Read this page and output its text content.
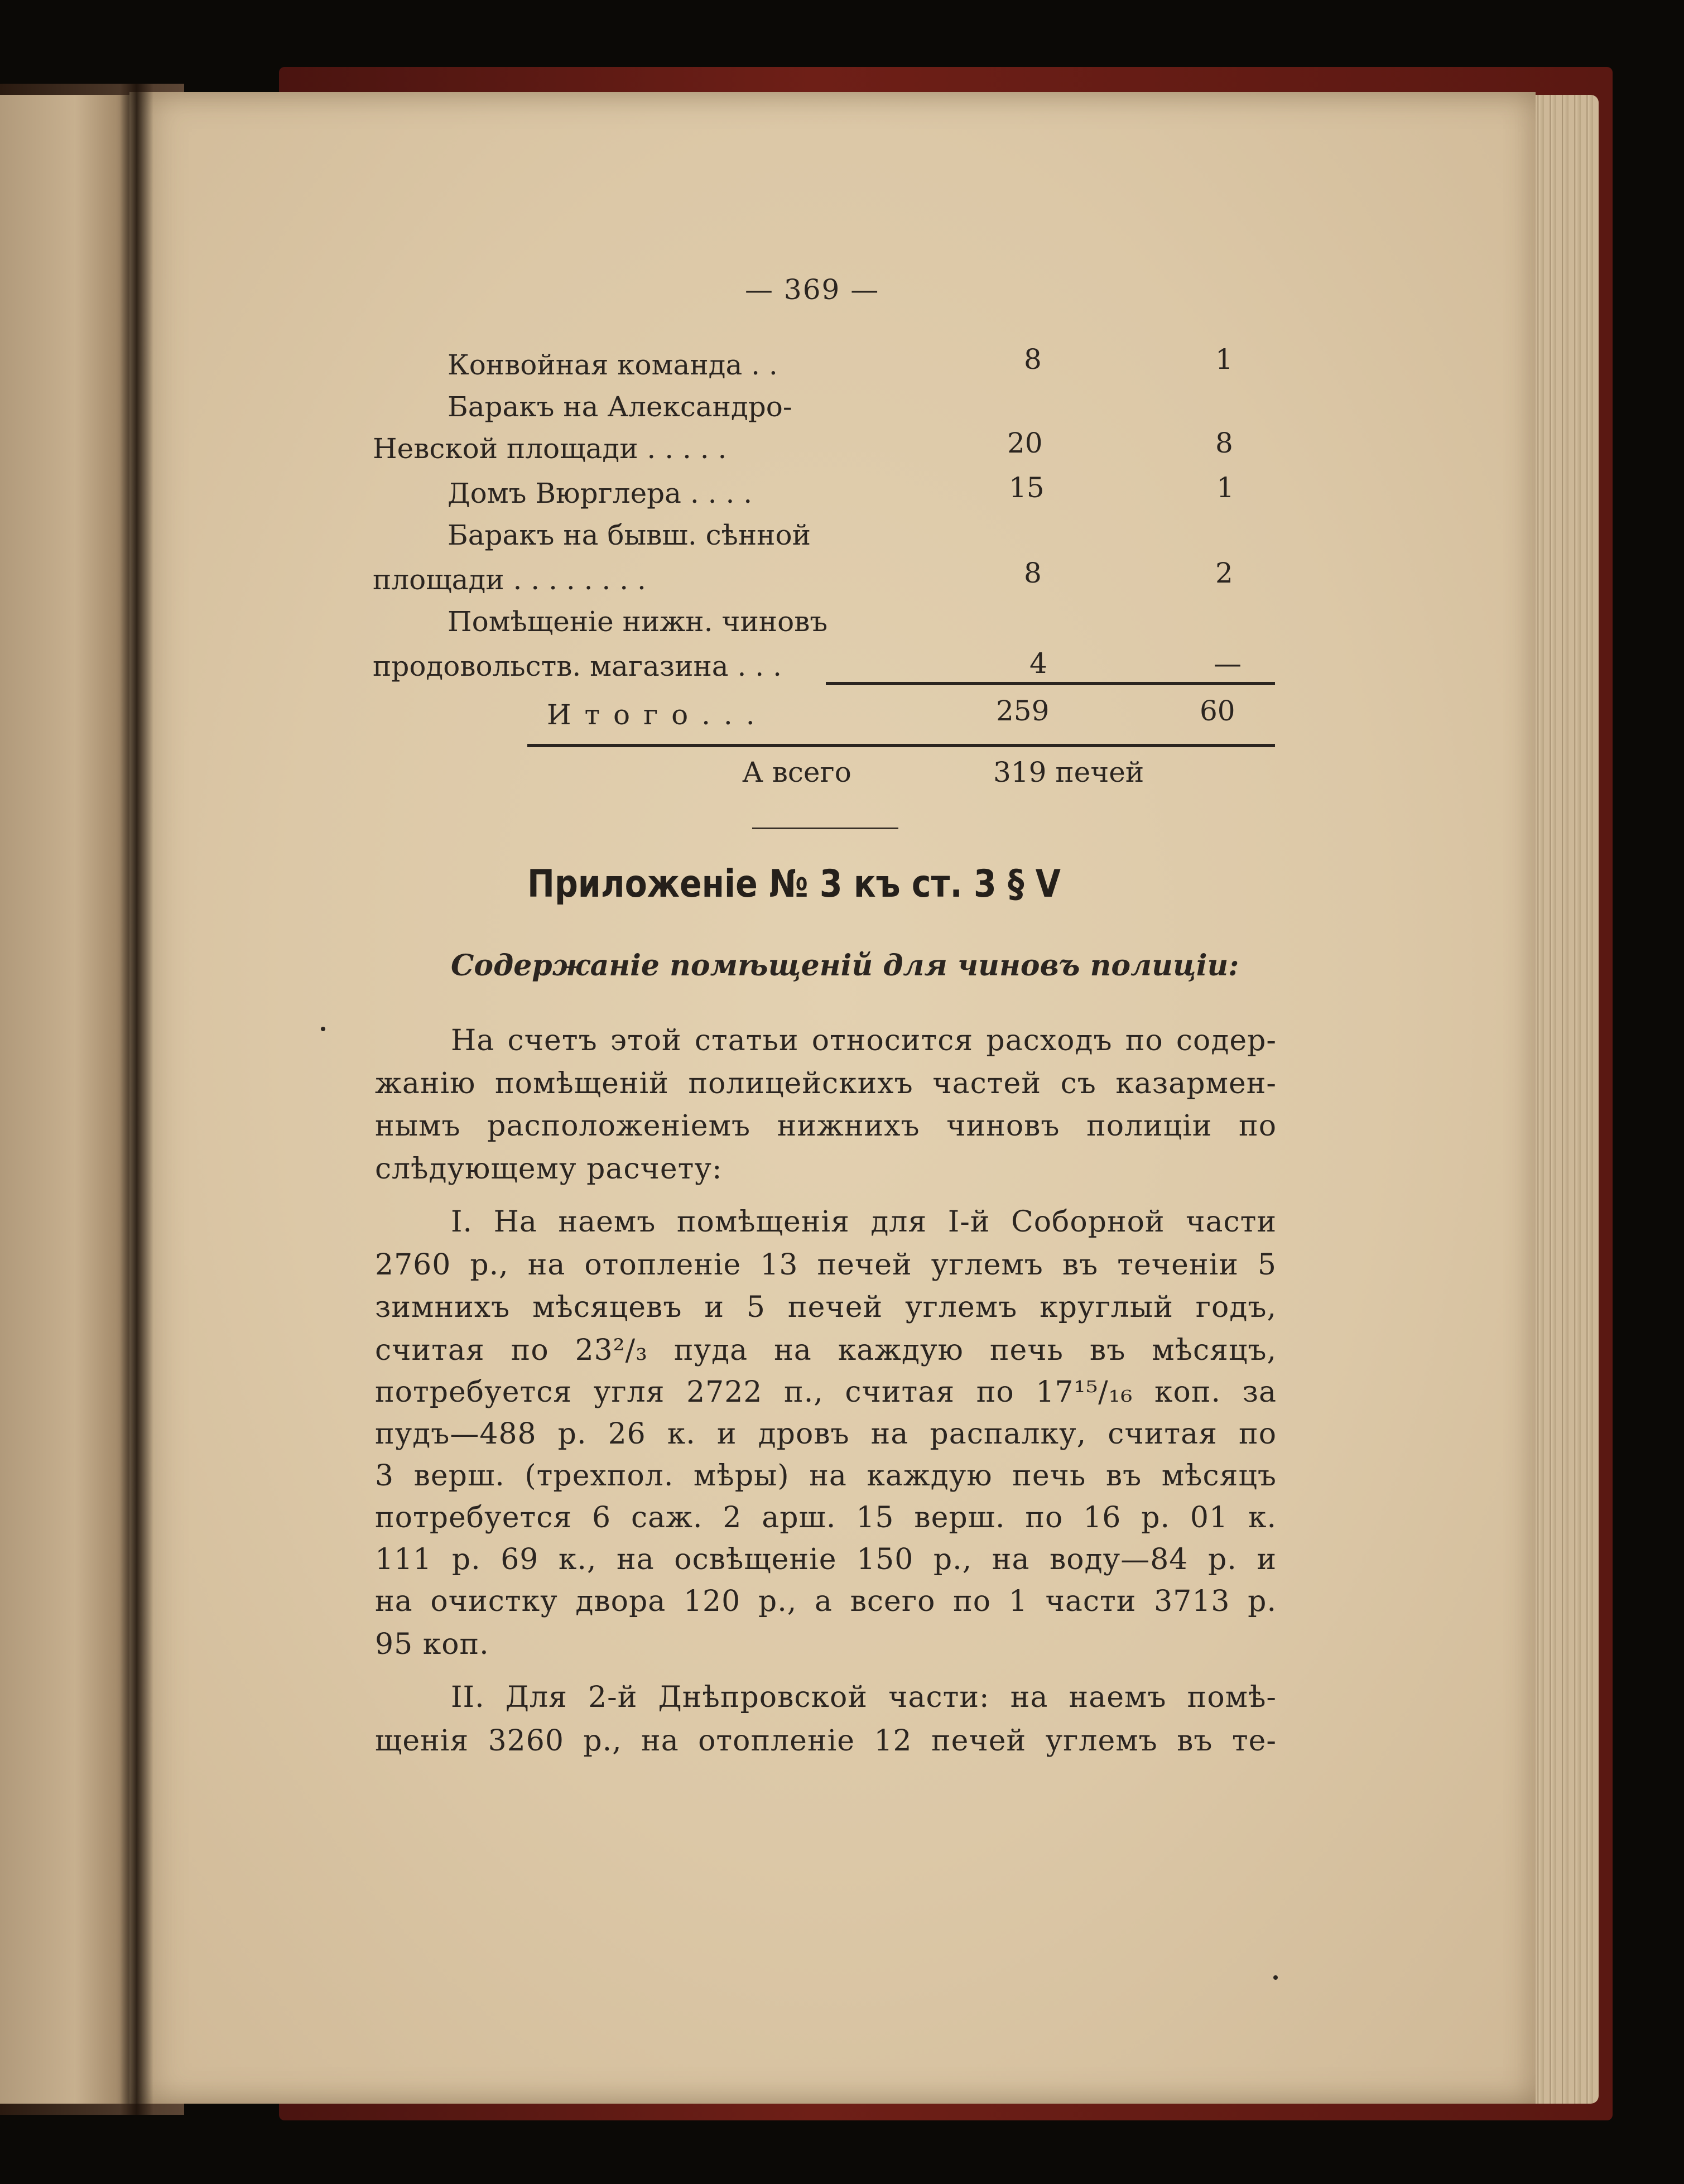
— 369 —
Конвойная команда . .	8	1
Баракъ на Александро-
Невской площади . . . . .	20	8
Домъ Вюрглера . . . .	15	1
Баракъ на бывш. сѣнной
площади . . . . . . . .	8	2
Помѣщеніе нижн. чиновъ
продовольств. магазина . . .	4	—
И т о г о . . .	259	60
А всего	319 печей
Приложеніе № 3 къ ст. 3 § V
Содержаніе помѣщеній для чиновъ полиціи:
На счетъ этой статьи относится расходъ по содер-
жанію помѣщеній полицейскихъ частей съ казармен-
нымъ расположеніемъ нижнихъ чиновъ полиціи по
слѣдующему расчету:
I. На наемъ помѣщенія для I-й Соборной части
2760 р., на отопленіе 13 печей углемъ въ теченіи 5
зимнихъ мѣсяцевъ и 5 печей углемъ круглый годъ,
считая по 23²/₃ пуда на каждую печь въ мѣсяцъ,
потребуется угля 2722 п., считая по 17¹⁵/₁₆ коп. за
пудъ—488 р. 26 к. и дровъ на распалку, считая по
3 верш. (трехпол. мѣры) на каждую печь въ мѣсяцъ
потребуется 6 саж. 2 арш. 15 верш. по 16 р. 01 к.
111 р. 69 к., на освѣщеніе 150 р., на воду—84 р. и
на очистку двора 120 р., а всего по 1 части 3713 р.
95 коп.
II. Для 2-й Днѣпровской части: на наемъ помѣ-
щенія 3260 р., на отопленіе 12 печей углемъ въ те-
